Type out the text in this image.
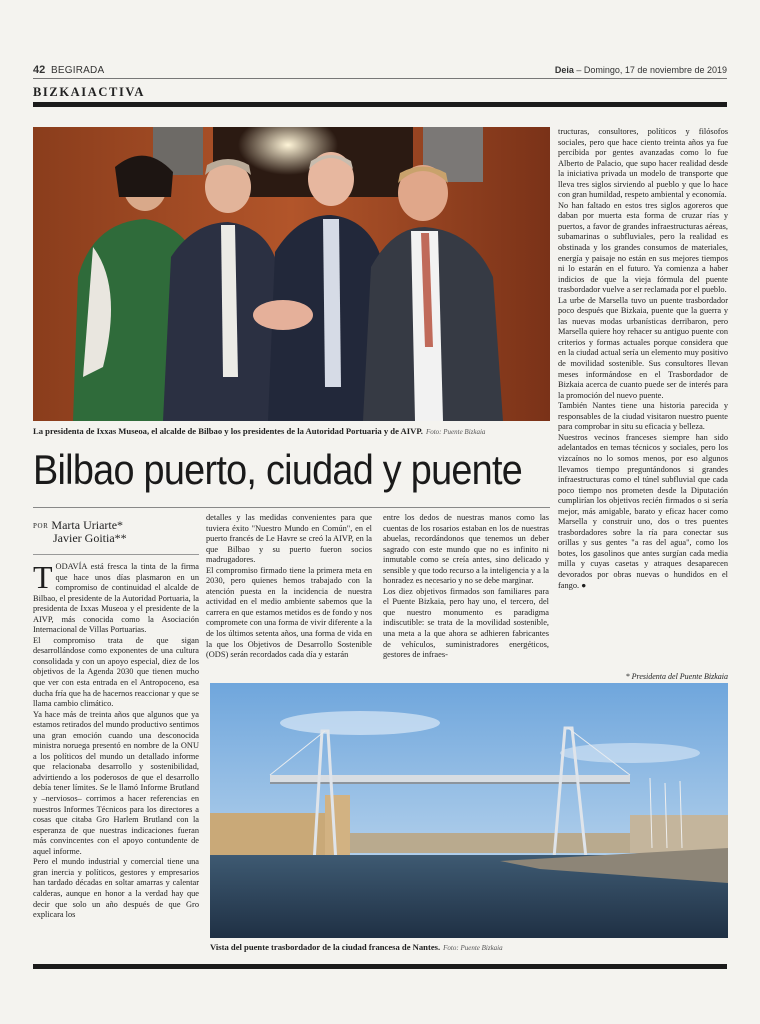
42 BEGIRADA	Deia – Domingo, 17 de noviembre de 2019
BIZKAIACTIVA
La presidenta de Ixxas Museoa, el alcalde de Bilbao y los presidentes de la Autoridad Portuaria y de AIVP. Foto: Puente Bizkaia
Bilbao puerto, ciudad y puente
POR Marta Uriarte*
Javier Goitia**

TODAVÍA está fresca la tinta de la firma que hace unos días plasmaron en un compromiso de continuidad el alcalde de Bilbao, el presidente de la Autoridad Portuaria, la presidenta de Ixxas Museoa y el presidente de la AIVP, más conocida como la Asociación Internacional de Villas Portuarias.

El compromiso trata de que sigan desarrollándose como exponentes de una cultura consolidada y con un apoyo especial, diez de los objetivos de la Agenda 2030 que tienen mucho que ver con esta entrada en el Antropoceno, esa ducha fría que ha de hacernos reaccionar y que se llama cambio climático.

Ya hace más de treinta años que algunos que ya estamos retirados del mundo productivo sentimos una gran emoción cuando una desconocida ministra noruega presentó en nombre de la ONU a los políticos del mundo un detallado informe que relacionaba desarrollo y sostenibilidad, advirtiendo a los poderosos de que el desarrollo debía tener límites. Se le llamó Informe Brutland y –nerviosos– corrimos a hacer referencias en nuestros Informes Técnicos para los directores a cosas que citaba Gro Harlem Brutland con la esperanza de que nuestras indicaciones fueran más convincentes con el apoyo contundente de aquel informe.

Pero el mundo industrial y comercial tiene una gran inercia y políticos, gestores y empresarios han tardado décadas en soltar amarras y calentar calderas, aunque en honor a la verdad hay que decir que solo un año después de que Gro explicara los

detalles y las medidas convenientes para que tuviera éxito "Nuestro Mundo en Común", en el puerto francés de Le Havre se creó la AIVP, en la que Bilbao y su puerto fueron socios madrugadores.

El compromiso firmado tiene la primera meta en 2030, pero quienes hemos trabajado con la atención puesta en la incidencia de nuestra actividad en el medio ambiente sabemos que la carrera en que estamos metidos es de fondo y nos compromete con una forma de vivir diferente a la de los últimos setenta años, una forma de vida en la que los Objetivos de Desarrollo Sostenible (ODS) serán recordados cada día y estarán

entre los dedos de nuestras manos como las cuentas de los rosarios estaban en los de nuestras abuelas, recordándonos que tenemos un deber sagrado con este mundo que no es infinito ni inmutable como se creía antes, sino delicado y sensible y que todo recurso a la inteligencia y a la honradez es necesario y no se debe marginar.

Los diez objetivos firmados son familiares para el Puente Bizkaia, pero hay uno, el tercero, del que nuestro monumento es paradigma indiscutible: se trata de la movilidad sostenible, una meta a la que ahora se adhieren fabricantes de vehículos, suministradores energéticos, gestores de infraes-

tructuras, consultores, políticos y filósofos sociales, pero que hace ciento treinta años ya fue percibida por gentes avanzadas como lo fue Alberto de Palacio, que supo hacer realidad desde la iniciativa privada un modelo de transporte que lleva tres siglos sirviendo al pueblo y que lo hace con gran humildad, respeto ambiental y economía.

No han faltado en estos tres siglos agoreros que daban por muerta esta forma de cruzar rías y puertos, a favor de grandes infraestructuras aéreas, subamarinas o subfluviales, pero la realidad es obstinada y los grandes consumos de materiales, energía y paisaje no están en sus mejores tiempos ni lo estarán en el futuro. Ya comienza a haber indicios de que la vieja fórmula del puente trasbordador vuelve a ser reclamada por el pueblo.

La urbe de Marsella tuvo un puente trasbordador poco después que Bizkaia, puente que la guerra y las nuevas modas urbanísticas derribaron, pero Marsella quiere hoy rehacer su antiguo puente con criterios y formas actuales porque considera que en la ciudad actual sería un elemento muy positivo de movilidad sostenible. Sus consultores llevan meses informándose en el Trasbordador de Bizkaia acerca de cuanto puede ser de interés para la promoción del nuevo puente.

También Nantes tiene una historia parecida y responsables de la ciudad visitaron nuestro puente para comprobar in situ su eficacia y belleza.

Nuestros vecinos franceses siempre han sido adelantados en temas técnicos y sociales, pero los vizcaínos no lo somos menos, por eso algunos llevamos tiempo preguntándonos si grandes infraestructuras como el túnel subfluvial que cada poco tiempo nos prometen desde la Diputación cumplirían los objetivos recién firmados o si sería mejor, más amigable, barato y eficaz hacer como Marsella y construir uno, dos o tres puentes trasbordadores sobre la ría para conectar sus orillas y sus gentes "a ras del agua", como los botes, los gasolinos que antes surgían cada media milla y cuyas casetas y atraques desaparecen devorados por obras nuevas o hundidos en el fango. ●

* Presidenta del Puente Bizkaia
Vista del puente trasbordador de la ciudad francesa de Nantes. Foto: Puente Bizkaia
